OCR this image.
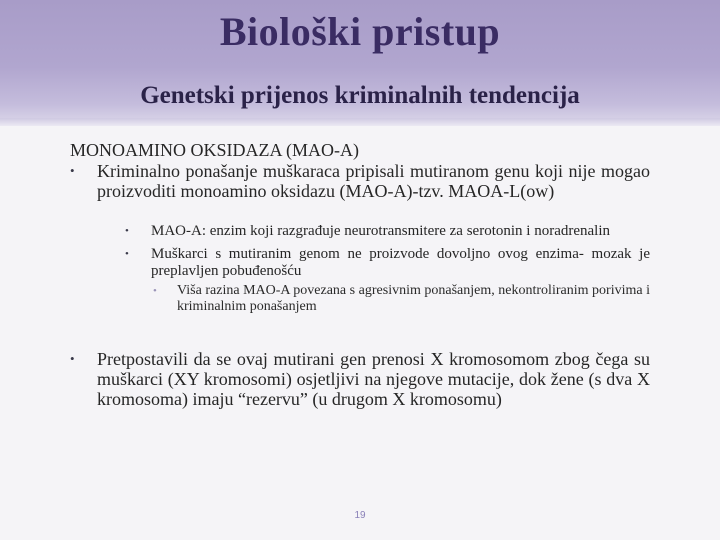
Biološki pristup
Genetski prijenos kriminalnih tendencija
MONOAMINO OKSIDAZA (MAO-A)
•	Kriminalno ponašanje muškaraca pripisali mutiranom genu koji nije mogao proizvoditi monoamino oksidazu (MAO-A)-tzv. MAOA-L(ow)
• MAO-A: enzim koji razgrađuje neurotransmitere za serotonin i noradrenalin
• Muškarci s mutiranim genom ne proizvode dovoljno ovog enzima- mozak je preplavljen pobuđenošću
• Viša razina MAO-A povezana s agresivnim ponašanjem, nekontroliranim porivima i kriminalnim ponašanjem
•	Pretpostavili da se ovaj mutirani gen prenosi X kromosomom zbog čega su muškarci (XY kromosomi) osjetljivi na njegove mutacije, dok žene (s dva X kromosoma) imaju “rezervu” (u drugom X kromosomu)
19
